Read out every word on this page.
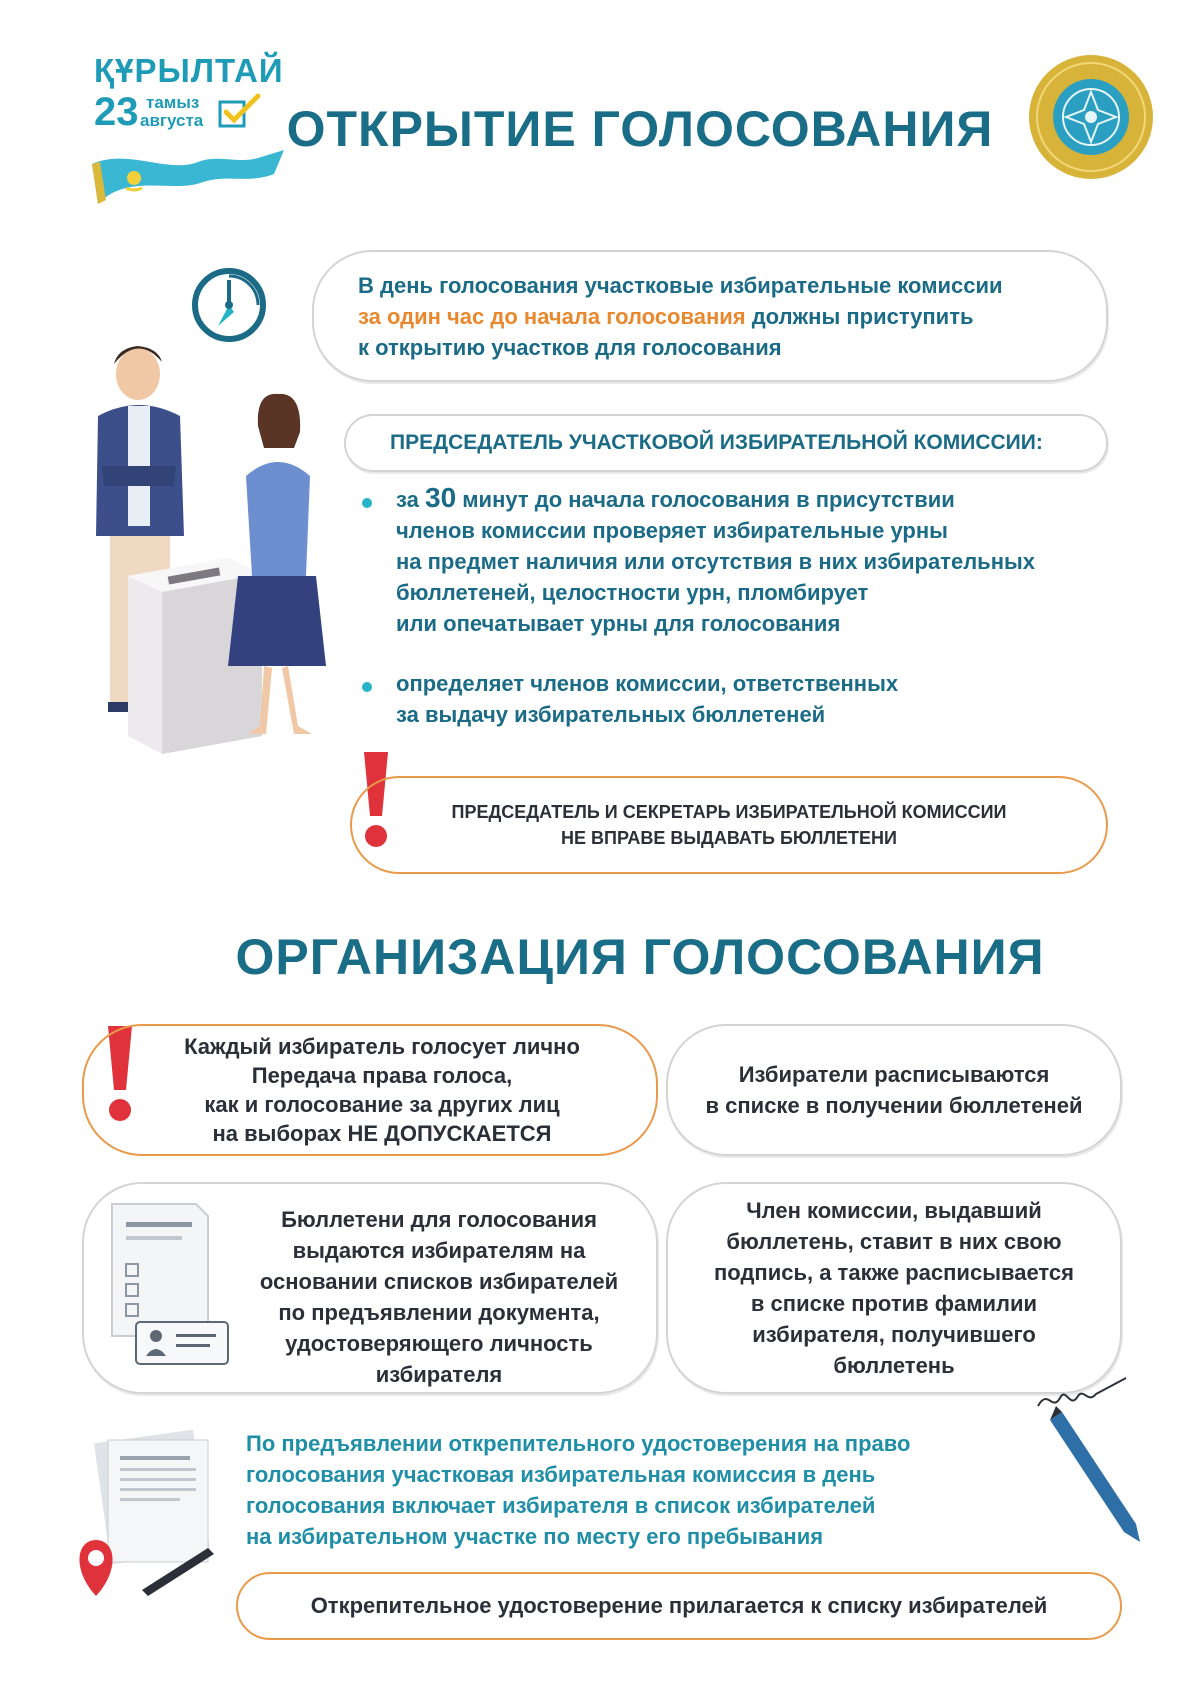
ҚҰРЫЛТАЙ
23 тамыз
августа	ОТКРЫТИЕ ГОЛОСОВАНИЯ
В день голосования участковые избирательные комиссии
за один час до начала голосования должны приступить
к открытию участков для голосования
ПРЕДСЕДАТЕЛЬ УЧАСТКОВОЙ ИЗБИРАТЕЛЬНОЙ КОМИССИИ:
за 30 минут до начала голосования в присутствии
членов комиссии проверяет избирательные урны
на предмет наличия или отсутствия в них избирательных
бюллетеней, целостности урн, пломбирует
или опечатывает урны для голосования
определяет членов комиссии, ответственных
за выдачу избирательных бюллетеней
ПРЕДСЕДАТЕЛЬ И СЕКРЕТАРЬ ИЗБИРАТЕЛЬНОЙ КОМИССИИ
НЕ ВПРАВЕ ВЫДАВАТЬ БЮЛЛЕТЕНИ
ОРГАНИЗАЦИЯ ГОЛОСОВАНИЯ
Каждый избиратель голосует лично
Передача права голоса,
как и голосование за других лиц
на выборах НЕ ДОПУСКАЕТСЯ
Избиратели расписываются
в списке в получении бюллетеней
Бюллетени для голосования
выдаются избирателям на
основании списков избирателей
по предъявлении документа,
удостоверяющего личность
избирателя
Член комиссии, выдавший
бюллетень, ставит в них свою
подпись, а также расписывается
в списке против фамилии
избирателя, получившего
бюллетень
По предъявлении открепительного удостоверения на право
голосования участковая избирательная комиссия в день
голосования включает избирателя в список избирателей
на избирательном участке по месту его пребывания
Открепительное удостоверение прилагается к списку избирателей
